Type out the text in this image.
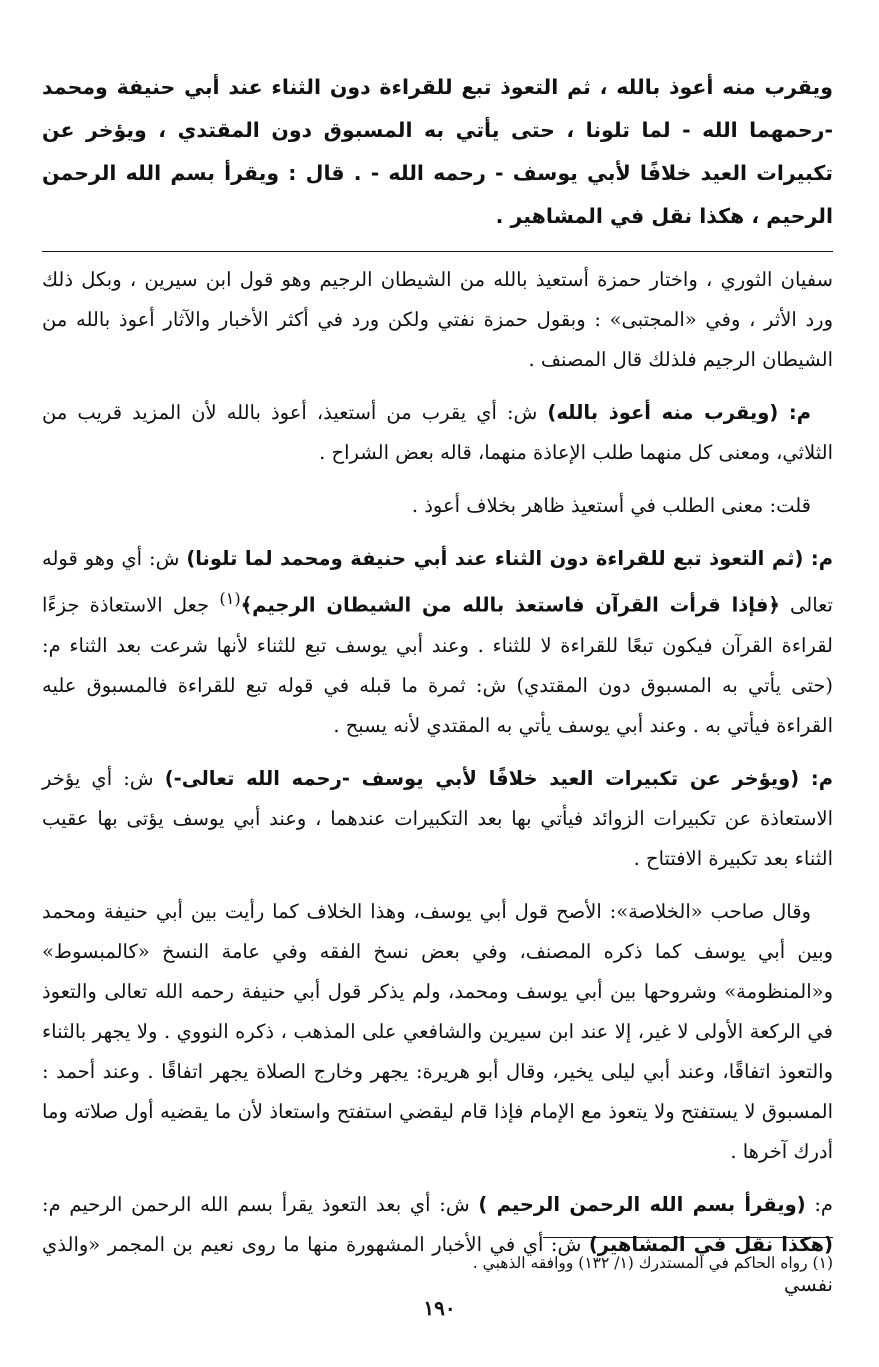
ويقرب منه أعوذ بالله ، ثم التعوذ تبع للقراءة دون الثناء عند أبي حنيفة ومحمد -رحمهما الله - لما تلونا ، حتى يأتي به المسبوق دون المقتدي ، ويؤخر عن تكبيرات العيد خلافًا لأبي يوسف - رحمه الله - . قال : ويقرأ بسم الله الرحمن الرحيم ، هكذا نقل في المشاهير .

سفيان الثوري ، واختار حمزة أستعيذ بالله من الشيطان الرجيم وهو قول ابن سيرين ، وبكل ذلك ورد الأثر ، وفي «المجتبى» : وبقول حمزة نفتي ولكن ورد في أكثر الأخبار والآثار أعوذ بالله من الشيطان الرجيم فلذلك قال المصنف .

م: (ويقرب منه أعوذ بالله) ش: أي يقرب من أستعيذ، أعوذ بالله لأن المزيد قريب من الثلاثي، ومعنى كل منهما طلب الإعاذة منهما، قاله بعض الشراح .

قلت: معنى الطلب في أستعيذ ظاهر بخلاف أعوذ .

م: (ثم التعوذ تبع للقراءة دون الثناء عند أبي حنيفة ومحمد لما تلونا) ش: أي وهو قوله تعالى ﴿فإذا قرأت القرآن فاستعذ بالله من الشيطان الرجيم﴾$^{(١)}$ جعل الاستعاذة جزءًا لقراءة القرآن فيكون تبعًا للقراءة لا للثناء . وعند أبي يوسف تبع للثناء لأنها شرعت بعد الثناء م: (حتى يأتي به المسبوق دون المقتدي) ش: ثمرة ما قبله في قوله تبع للقراءة فالمسبوق عليه القراءة فيأتي به . وعند أبي يوسف يأتي به المقتدي لأنه يسبح .

م: (ويؤخر عن تكبيرات العيد خلافًا لأبي يوسف -رحمه الله تعالى-) ش: أي يؤخر الاستعاذة عن تكبيرات الزوائد فيأتي بها بعد التكبيرات عندهما ، وعند أبي يوسف يؤتى بها عقيب الثناء بعد تكبيرة الافتتاح .

وقال صاحب «الخلاصة»: الأصح قول أبي يوسف، وهذا الخلاف كما رأيت بين أبي حنيفة ومحمد وبين أبي يوسف كما ذكره المصنف، وفي بعض نسخ الفقه وفي عامة النسخ «كالمبسوط» و«المنظومة» وشروحها بين أبي يوسف ومحمد، ولم يذكر قول أبي حنيفة رحمه الله تعالى والتعوذ في الركعة الأولى لا غير، إلا عند ابن سيرين والشافعي على المذهب ، ذكره النووي . ولا يجهر بالثناء والتعوذ اتفاقًا، وعند أبي ليلى يخير، وقال أبو هريرة: يجهر وخارج الصلاة يجهر اتفاقًا . وعند أحمد : المسبوق لا يستفتح ولا يتعوذ مع الإمام فإذا قام ليقضي استفتح واستعاذ لأن ما يقضيه أول صلاته وما أدرك آخرها .

م: (ويقرأ بسم الله الرحمن الرحيم ) ش: أي بعد التعوذ يقرأ بسم الله الرحمن الرحيم م: (هكذا نقل في المشاهير) ش: أي في الأخبار المشهورة منها ما روى نعيم بن المجمر «والذي نفسي

(١) رواه الحاكم في المستدرك (١/ ١٣٢) ووافقه الذهبي .

١٩٠
